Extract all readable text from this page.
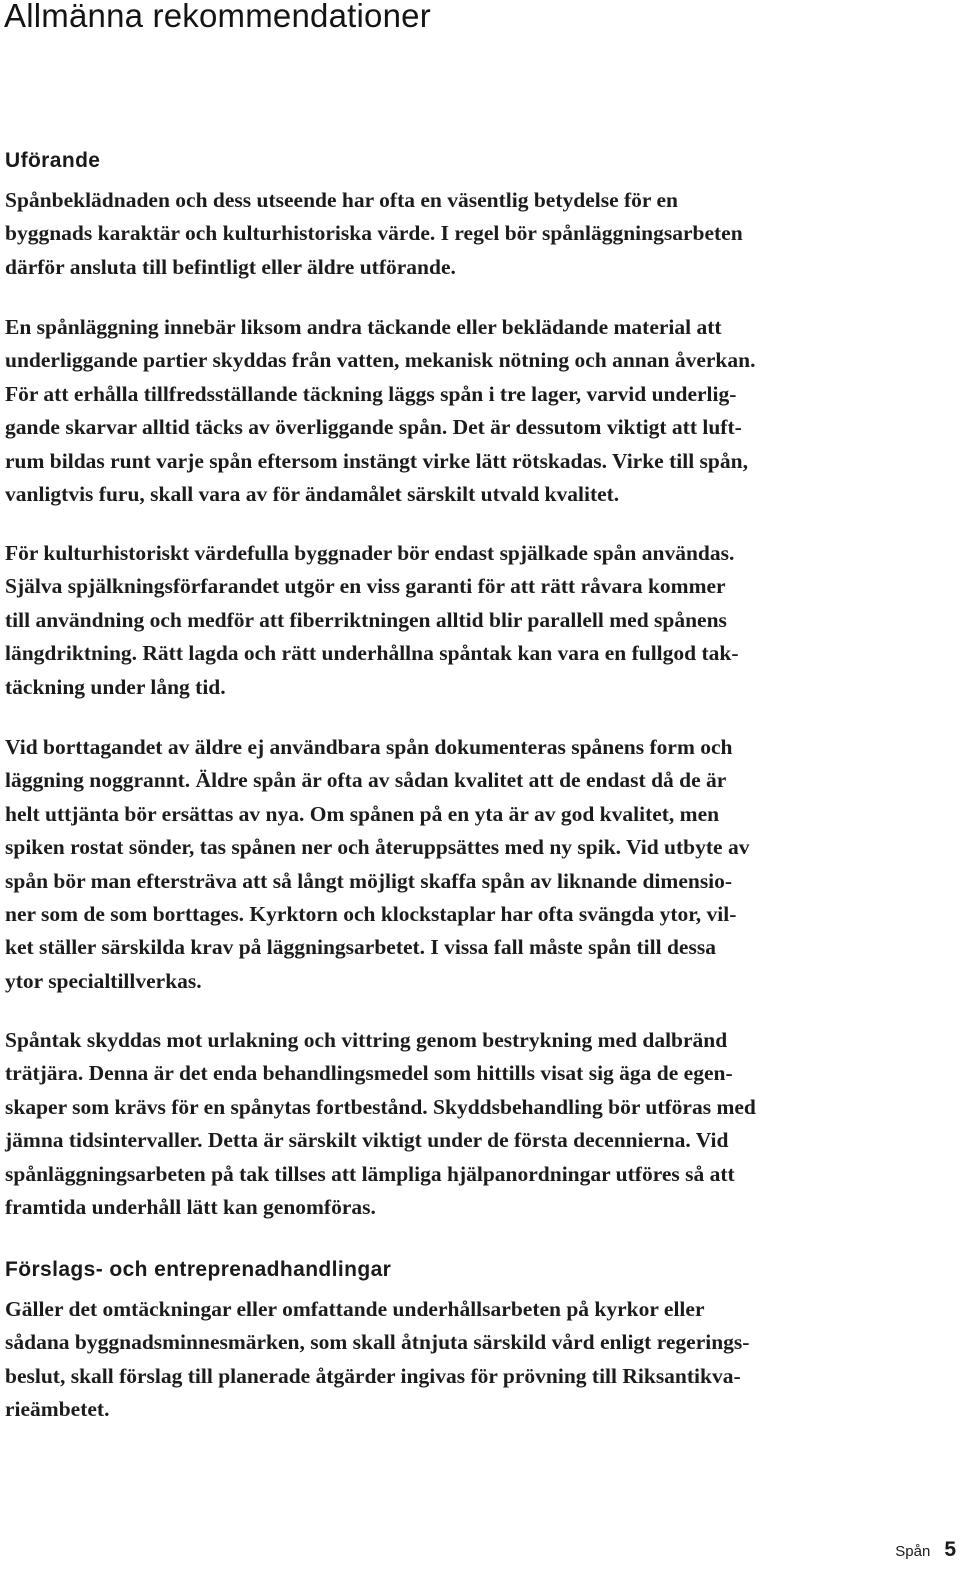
Allmänna rekommendationer
Uförande

Spånbeklädnaden och dess utseende har ofta en väsentlig betydelse för en
byggnads karaktär och kulturhistoriska värde. I regel bör spånläggningsarbeten
därför ansluta till befintligt eller äldre utförande.

En spånläggning innebär liksom andra täckande eller beklädande material att
underliggande partier skyddas från vatten, mekanisk nötning och annan åverkan.
För att erhålla tillfredsställande täckning läggs spån i tre lager, varvid underlig-
gande skarvar alltid täcks av överliggande spån. Det är dessutom viktigt att luft-
rum bildas runt varje spån eftersom instängt virke lätt rötskadas. Virke till spån,
vanligtvis furu, skall vara av för ändamålet särskilt utvald kvalitet.

För kulturhistoriskt värdefulla byggnader bör endast spjälkade spån användas.
Själva spjälkningsförfarandet utgör en viss garanti för att rätt råvara kommer
till användning och medför att fiberriktningen alltid blir parallell med spånens
längdriktning. Rätt lagda och rätt underhållna spåntak kan vara en fullgod tak-
täckning under lång tid.

Vid borttagandet av äldre ej användbara spån dokumenteras spånens form och
läggning noggrannt. Äldre spån är ofta av sådan kvalitet att de endast då de är
helt uttjänta bör ersättas av nya. Om spånen på en yta är av god kvalitet, men
spiken rostat sönder, tas spånen ner och återuppsättes med ny spik. Vid utbyte av
spån bör man eftersträva att så långt möjligt skaffa spån av liknande dimensio-
ner som de som borttages. Kyrktorn och klockstaplar har ofta svängda ytor, vil-
ket ställer särskilda krav på läggningsarbetet. I vissa fall måste spån till dessa
ytor specialtillverkas.

Spåntak skyddas mot urlakning och vittring genom bestrykning med dalbränd
trätjära. Denna är det enda behandlingsmedel som hittills visat sig äga de egen-
skaper som krävs för en spånytas fortbestånd. Skyddsbehandling bör utföras med
jämna tidsintervaller. Detta är särskilt viktigt under de första decennierna. Vid
spånläggningsarbeten på tak tillses att lämpliga hjälpanordningar utföres så att
framtida underhåll lätt kan genomföras.

Förslags- och entreprenadhandlingar

Gäller det omtäckningar eller omfattande underhållsarbeten på kyrkor eller
sådana byggnadsminnesmärken, som skall åtnjuta särskild vård enligt regerings-
beslut, skall förslag till planerade åtgärder ingivas för prövning till Riksantikva-
rieämbetet.

Spån 5
